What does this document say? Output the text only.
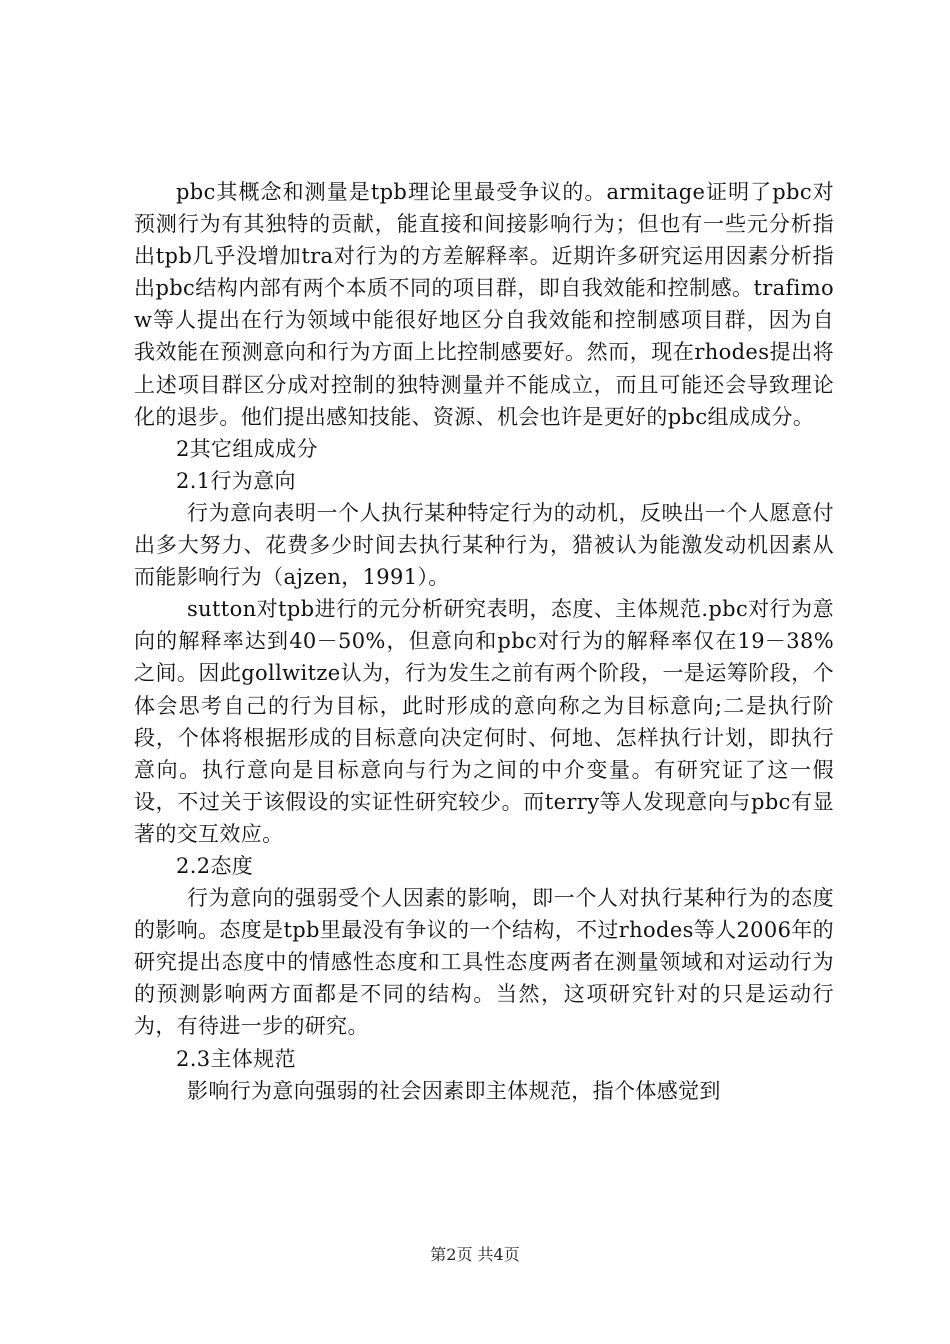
pbc其概念和测量是tpb理论里最受争议的。armitage证明了pbc对预测行为有其独特的贡献，能直接和间接影响行为；但也有一些元分析指出tpb几乎没增加tra对行为的方差解释率。近期许多研究运用因素分析指出pbc结构内部有两个本质不同的项目群，即自我效能和控制感。trafimow等人提出在行为领域中能很好地区分自我效能和控制感项目群，因为自我效能在预测意向和行为方面上比控制感要好。然而，现在rhodes提出将上述项目群区分成对控制的独特测量并不能成立，而且可能还会导致理论化的退步。他们提出感知技能、资源、机会也许是更好的pbc组成成分。

2其它组成成分

2.1行为意向

行为意向表明一个人执行某种特定行为的动机，反映出一个人愿意付出多大努力、花费多少时间去执行某种行为，猎被认为能激发动机因素从而能影响行为（ajzen，1991）。

sutton对tpb进行的元分析研究表明，态度、主体规范.pbc对行为意向的解释率达到40－50%，但意向和pbc对行为的解释率仅在19－38%之间。因此gollwitze认为，行为发生之前有两个阶段，一是运筹阶段，个体会思考自己的行为目标，此时形成的意向称之为目标意向;二是执行阶段，个体将根据形成的目标意向决定何时、何地、怎样执行计划，即执行意向。执行意向是目标意向与行为之间的中介变量。有研究证了这一假设，不过关于该假设的实证性研究较少。而terry等人发现意向与pbc有显著的交互效应。

2.2态度

行为意向的强弱受个人因素的影响，即一个人对执行某种行为的态度的影响。态度是tpb里最没有争议的一个结构，不过rhodes等人2006年的研究提出态度中的情感性态度和工具性态度两者在测量领域和对运动行为的预测影响两方面都是不同的结构。当然，这项研究针对的只是运动行为，有待进一步的研究。

2.3主体规范

影响行为意向强弱的社会因素即主体规范，指个体感觉到

第2页 共4页
